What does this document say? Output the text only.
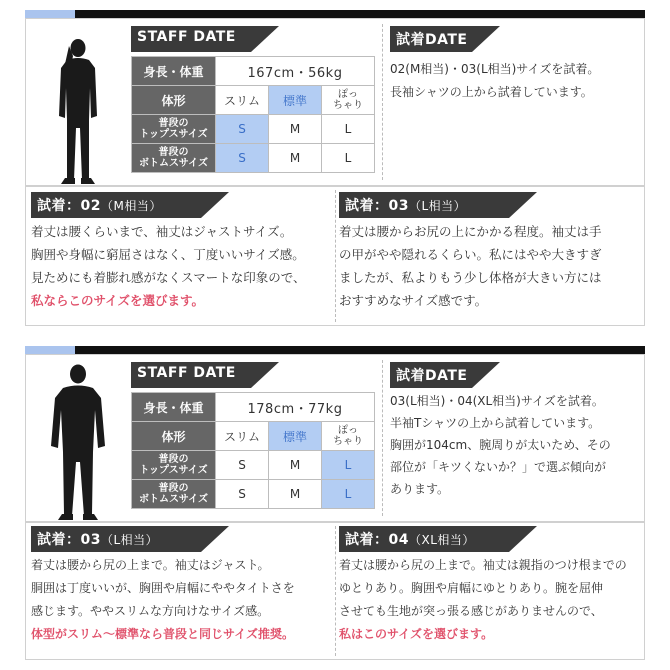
STAFF DATE
身長・体重	167cm・56kg		
体形	スリム	標準	ぽっ
ちゃり
普段の
トップスサイズ	S	M	L
普段の
ボトムスサイズ	S	M	L
試着DATE
02(M相当)・03(L相当)サイズを試着。
長袖シャツの上から試着しています。
試着：02（M相当）
着丈は腰くらいまで、袖丈はジャストサイズ。
胸囲や身幅に窮屈さはなく、丁度いいサイズ感。
見ためにも着膨れ感がなくスマートな印象ので、
私ならこのサイズを選びます。
試着：03（L相当）
着丈は腰からお尻の上にかかる程度。袖丈は手
の甲がやや隠れるくらい。私にはやや大きすぎ
ましたが、私よりもう少し体格が大きい方には
おすすめなサイズ感です。
STAFF DATE
身長・体重	178cm・77kg		
体形	スリム	標準	ぽっ
ちゃり
普段の
トップスサイズ	S	M	L
普段の
ボトムスサイズ	S	M	L
試着DATE
03(L相当)・04(XL相当)サイズを試着。
半袖Tシャツの上から試着しています。
胸囲が104cm、腕周りが太いため、その
部位が「キツくないか？」で選ぶ傾向が
あります。
試着：03（L相当）
着丈は腰から尻の上まで。袖丈はジャスト。
胴囲は丁度いいが、胸囲や肩幅にややタイトさを
感じます。ややスリムな方向けなサイズ感。
体型がスリム〜標準なら普段と同じサイズ推奨。
試着：04（XL相当）
着丈は腰から尻の上まで。袖丈は親指のつけ根までの
ゆとりあり。胸囲や肩幅にゆとりあり。腕を屈伸
させても生地が突っ張る感じがありませんので、
私はこのサイズを選びます。
